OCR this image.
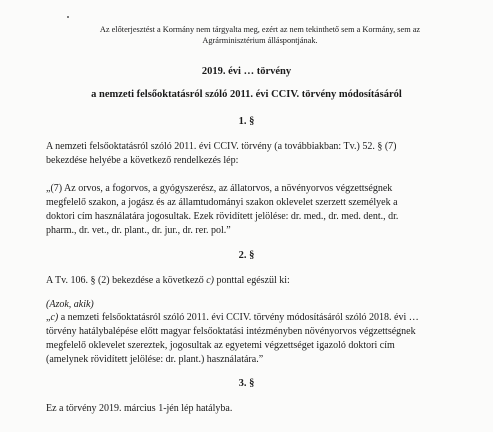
Az előterjesztést a Kormány nem tárgyalta meg, ezért az nem tekinthető sem a Kormány, sem az
Agrárminisztérium álláspontjának.
2019. évi … törvény
a nemzeti felsőoktatásról szóló 2011. évi CCIV. törvény módosításáról
1. §
A nemzeti felsőoktatásról szóló 2011. évi CCIV. törvény (a továbbiakban: Tv.) 52. § (7)
bekezdése helyébe a következő rendelkezés lép:
„(7) Az orvos, a fogorvos, a gyógyszerész, az állatorvos, a növényorvos végzettségnek
megfelelő szakon, a jogász és az államtudományi szakon oklevelet szerzett személyek a
doktori cím használatára jogosultak. Ezek rövidített jelölése: dr. med., dr. med. dent., dr.
pharm., dr. vet., dr. plant., dr. jur., dr. rer. pol.”
2. §
A Tv. 106. § (2) bekezdése a következő c) ponttal egészül ki:
(Azok, akik)
„c) a nemzeti felsőoktatásról szóló 2011. évi CCIV. törvény módosításáról szóló 2018. évi …
törvény hatálybalépése előtt magyar felsőoktatási intézményben növényorvos végzettségnek
megfelelő oklevelet szereztek, jogosultak az egyetemi végzettséget igazoló doktori cím
(amelynek rövidített jelölése: dr. plant.) használatára.”
3. §
Ez a törvény 2019. március 1-jén lép hatályba.
